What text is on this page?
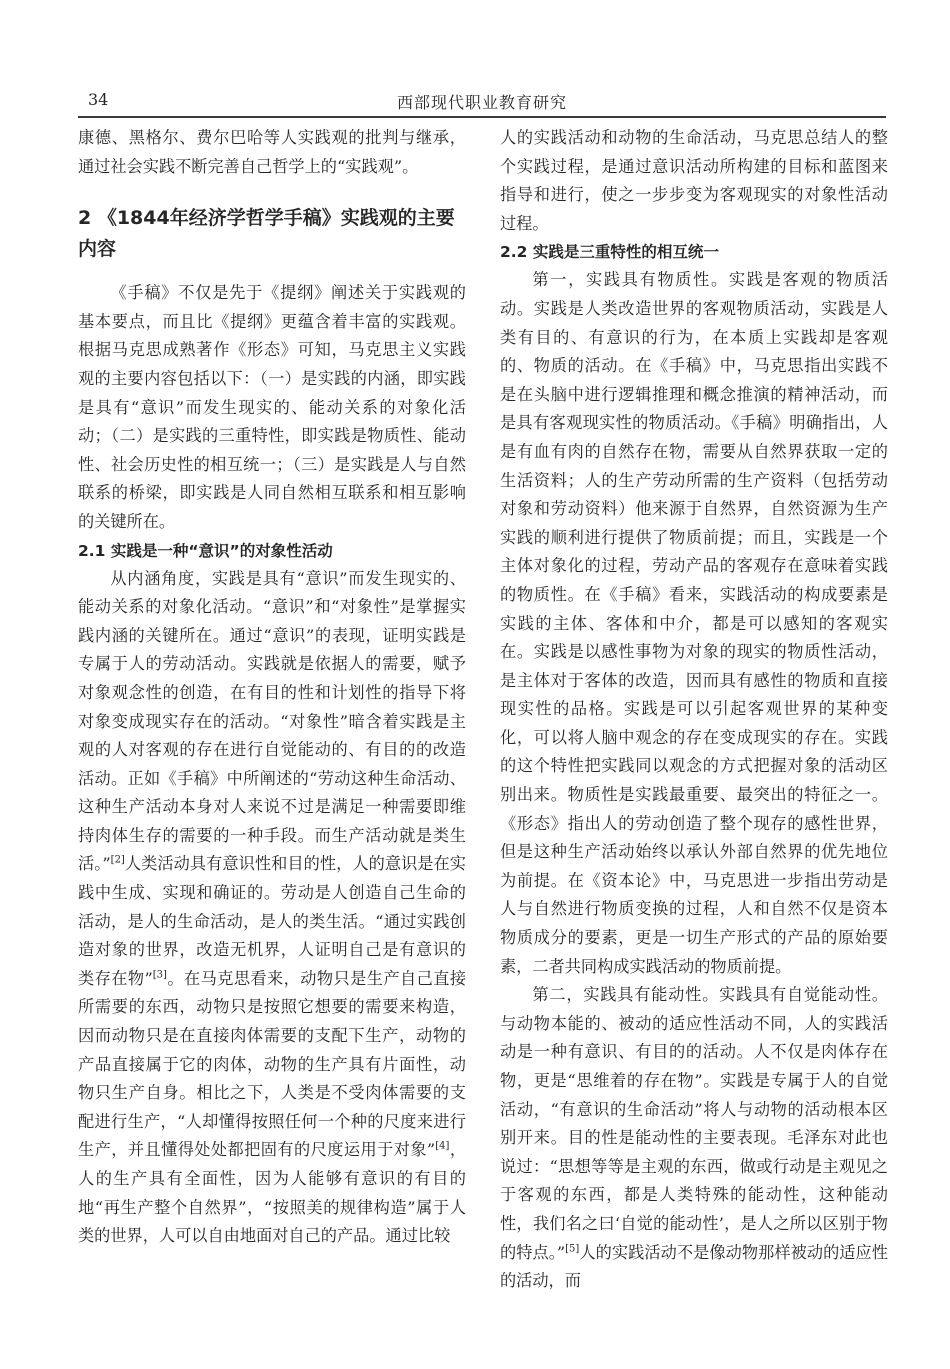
34	西部现代职业教育研究

康德、黑格尔、费尔巴哈等人实践观的批判与继承，通过社会实践不断完善自己哲学上的“实践观”。

2 《1844年经济学哲学手稿》实践观的主要内容

《手稿》不仅是先于《提纲》阐述关于实践观的基本要点，而且比《提纲》更蕴含着丰富的实践观。根据马克思成熟著作《形态》可知，马克思主义实践观的主要内容包括以下：（一）是实践的内涵，即实践是具有“意识”而发生现实的、能动关系的对象化活动；（二）是实践的三重特性，即实践是物质性、能动性、社会历史性的相互统一；（三）是实践是人与自然联系的桥梁，即实践是人同自然相互联系和相互影响的关键所在。

2.1 实践是一种“意识”的对象性活动

从内涵角度，实践是具有“意识”而发生现实的、能动关系的对象化活动。“意识”和“对象性”是掌握实践内涵的关键所在。通过“意识”的表现，证明实践是专属于人的劳动活动。实践就是依据人的需要，赋予对象观念性的创造，在有目的性和计划性的指导下将对象变成现实存在的活动。“对象性”暗含着实践是主观的人对客观的存在进行自觉能动的、有目的的改造活动。正如《手稿》中所阐述的“劳动这种生命活动、这种生产活动本身对人来说不过是满足一种需要即维持肉体生存的需要的一种手段。而生产活动就是类生活。”[2]人类活动具有意识性和目的性，人的意识是在实践中生成、实现和确证的。劳动是人创造自己生命的活动，是人的生命活动，是人的类生活。“通过实践创造对象的世界，改造无机界，人证明自己是有意识的类存在物”[3]。在马克思看来，动物只是生产自己直接所需要的东西，动物只是按照它想要的需要来构造，因而动物只是在直接肉体需要的支配下生产，动物的产品直接属于它的肉体，动物的生产具有片面性，动物只生产自身。相比之下，人类是不受肉体需要的支配进行生产，“人却懂得按照任何一个种的尺度来进行生产，并且懂得处处都把固有的尺度运用于对象”[4]，人的生产具有全面性，因为人能够有意识的有目的地“再生产整个自然界”，“按照美的规律构造”属于人类的世界，人可以自由地面对自己的产品。通过比较

人的实践活动和动物的生命活动，马克思总结人的整个实践过程，是通过意识活动所构建的目标和蓝图来指导和进行，使之一步步变为客观现实的对象性活动过程。

2.2 实践是三重特性的相互统一

第一，实践具有物质性。实践是客观的物质活动。实践是人类改造世界的客观物质活动，实践是人类有目的、有意识的行为，在本质上实践却是客观的、物质的活动。在《手稿》中，马克思指出实践不是在头脑中进行逻辑推理和概念推演的精神活动，而是具有客观现实性的物质活动。《手稿》明确指出，人是有血有肉的自然存在物，需要从自然界获取一定的生活资料；人的生产劳动所需的生产资料（包括劳动对象和劳动资料）他来源于自然界，自然资源为生产实践的顺利进行提供了物质前提；而且，实践是一个主体对象化的过程，劳动产品的客观存在意味着实践的物质性。在《手稿》看来，实践活动的构成要素是实践的主体、客体和中介，都是可以感知的客观实在。实践是以感性事物为对象的现实的物质性活动，是主体对于客体的改造，因而具有感性的物质和直接现实性的品格。实践是可以引起客观世界的某种变化，可以将人脑中观念的存在变成现实的存在。实践的这个特性把实践同以观念的方式把握对象的活动区别出来。物质性是实践最重要、最突出的特征之一。《形态》指出人的劳动创造了整个现存的感性世界，但是这种生产活动始终以承认外部自然界的优先地位为前提。在《资本论》中，马克思进一步指出劳动是人与自然进行物质变换的过程，人和自然不仅是资本物质成分的要素，更是一切生产形式的产品的原始要素，二者共同构成实践活动的物质前提。

第二，实践具有能动性。实践具有自觉能动性。与动物本能的、被动的适应性活动不同，人的实践活动是一种有意识、有目的的活动。人不仅是肉体存在物，更是“思维着的存在物”。实践是专属于人的自觉活动，“有意识的生命活动”将人与动物的活动根本区别开来。目的性是能动性的主要表现。毛泽东对此也说过：“思想等等是主观的东西，做或行动是主观见之于客观的东西，都是人类特殊的能动性，这种能动性，我们名之曰‘自觉的能动性’，是人之所以区别于物的特点。”[5]人的实践活动不是像动物那样被动的适应性的活动，而
